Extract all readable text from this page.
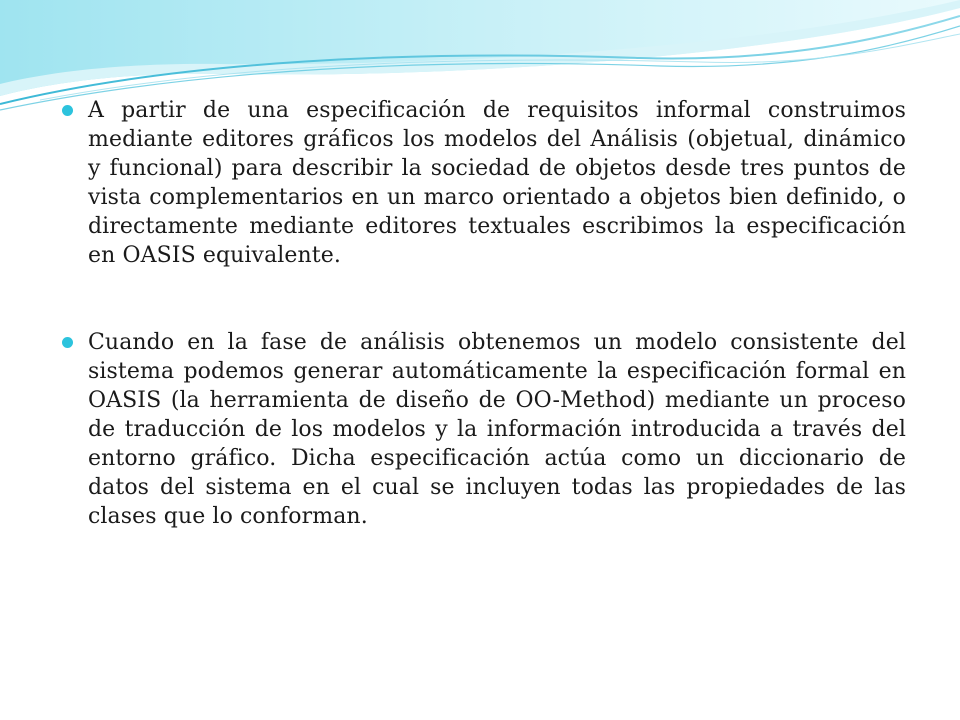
A partir de una especificación de requisitos informal construimos mediante editores gráficos los modelos del Análisis (objetual, dinámico y funcional) para describir la sociedad de objetos desde tres puntos de vista complementarios en un marco orientado a objetos bien definido, o directamente mediante editores textuales escribimos la especificación en OASIS equivalente.
Cuando en la fase de análisis obtenemos un modelo consistente del sistema podemos generar automáticamente la especificación formal en OASIS (la herramienta de diseño de OO-Method) mediante un proceso de traducción de los modelos y la información introducida a través del entorno gráfico. Dicha especificación actúa como un diccionario de datos del sistema en el cual se incluyen todas las propiedades de las clases que lo conforman.
